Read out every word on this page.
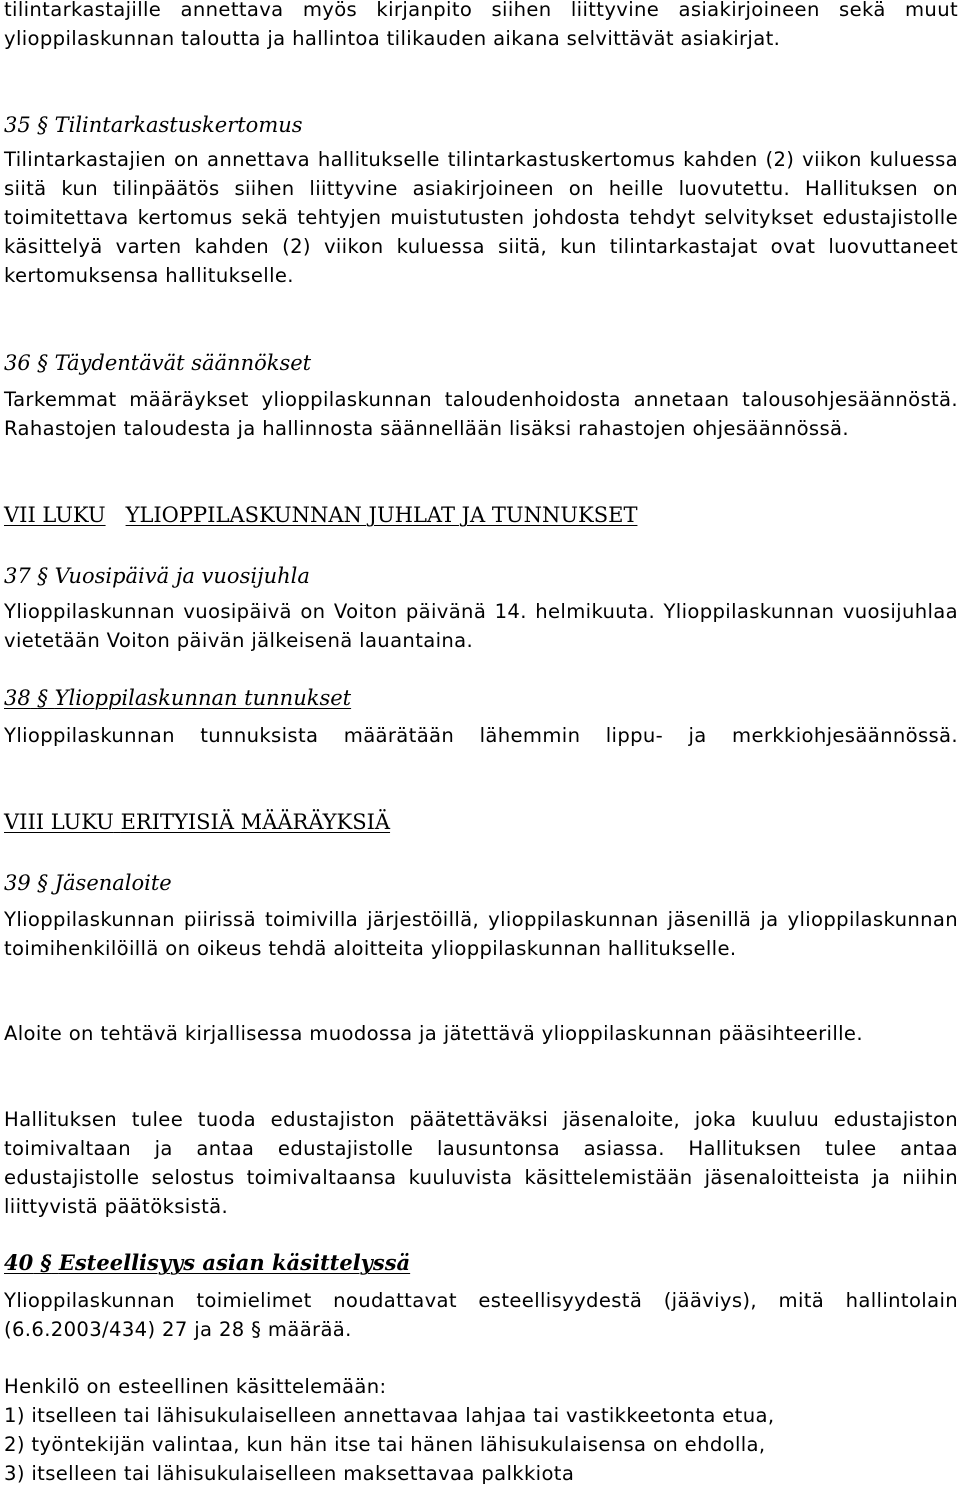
tilintarkastajille annettava myös kirjanpito siihen liittyvine asiakirjoineen sekä muut ylioppilaskunnan taloutta ja hallintoa tilikauden aikana selvittävät asiakirjat.

35 § Tilintarkastuskertomus

Tilintarkastajien on annettava hallitukselle tilintarkastuskertomus kahden (2) viikon kuluessa siitä kun tilinpäätös siihen liittyvine asiakirjoineen on heille luovutettu. Hallituksen on toimitettava kertomus sekä tehtyjen muistutusten johdosta tehdyt selvitykset edustajistolle käsittelyä varten kahden (2) viikon kuluessa siitä, kun tilintarkastajat ovat luovuttaneet kertomuksensa hallitukselle.

36 § Täydentävät säännökset

Tarkemmat määräykset ylioppilaskunnan taloudenhoidosta annetaan talousohjesäännöstä. Rahastojen taloudesta ja hallinnosta säännellään lisäksi rahastojen ohjesäännössä.

VII LUKU YLIOPPILASKUNNAN JUHLAT JA TUNNUKSET
37 § Vuosipäivä ja vuosijuhla

Ylioppilaskunnan vuosipäivä on Voiton päivänä 14. helmikuuta. Ylioppilaskunnan vuosijuhlaa vietetään Voiton päivän jälkeisenä lauantaina.

38 § Ylioppilaskunnan tunnukset

Ylioppilaskunnan tunnuksista määrätään lähemmin lippu- ja merkkiohjesäännössä.

VIII LUKU ERITYISIÄ MÄÄRÄYKSIÄ
39 § Jäsenaloite

Ylioppilaskunnan piirissä toimivilla järjestöillä, ylioppilaskunnan jäsenillä ja ylioppilaskunnan toimihenkilöillä on oikeus tehdä aloitteita ylioppilaskunnan hallitukselle.

Aloite on tehtävä kirjallisessa muodossa ja jätettävä ylioppilaskunnan pääsihteerille.

Hallituksen tulee tuoda edustajiston päätettäväksi jäsenaloite, joka kuuluu edustajiston toimivaltaan ja antaa edustajistolle lausuntonsa asiassa. Hallituksen tulee antaa edustajistolle selostus toimivaltaansa kuuluvista käsittelemistään jäsenaloitteista ja niihin liittyvistä päätöksistä.

40 § Esteellisyys asian käsittelyssä

Ylioppilaskunnan toimielimet noudattavat esteellisyydestä (jääviys), mitä hallintolain (6.6.2003/434) 27 ja 28 § määrää.

Henkilö on esteellinen käsittelemään:
1) itselleen tai lähisukulaiselleen annettavaa lahjaa tai vastikkeetonta etua,
2) työntekijän valintaa, kun hän itse tai hänen lähisukulaisensa on ehdolla,
3) itselleen tai lähisukulaiselleen maksettavaa palkkiota
